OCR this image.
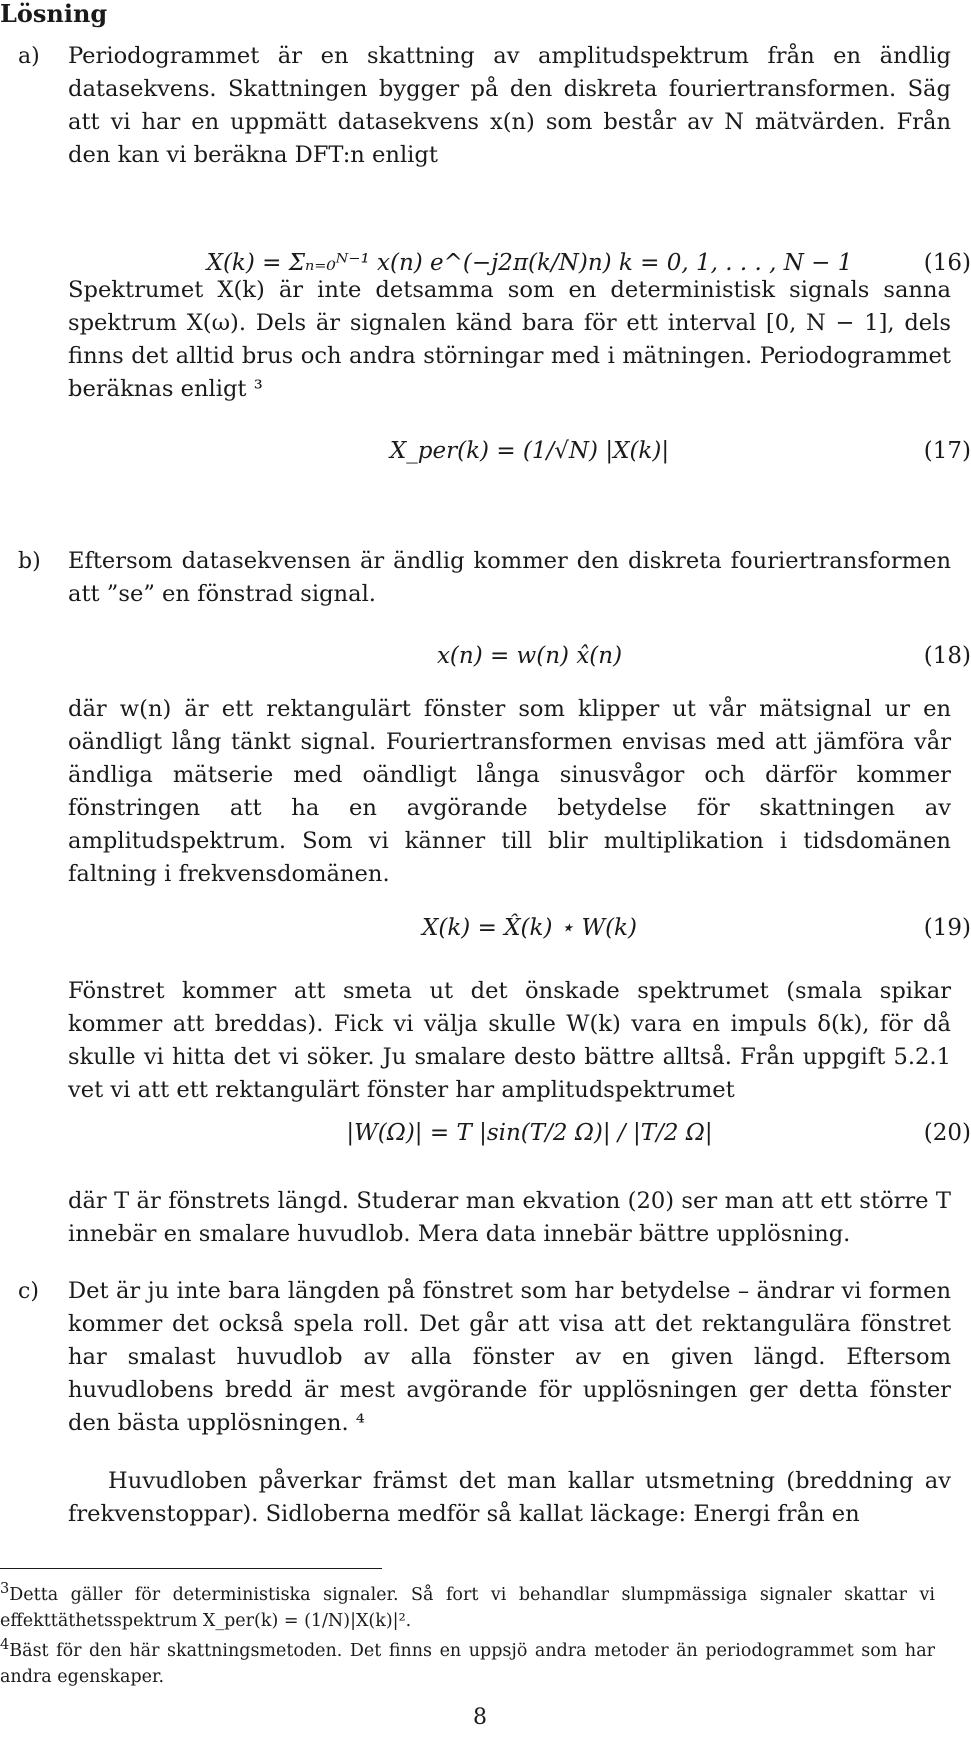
Lösning
a) Periodogrammet är en skattning av amplitudspektrum från en ändlig datasekvens. Skattningen bygger på den diskreta fouriertransformen. Säg att vi har en uppmätt datasekvens x(n) som består av N mätvärden. Från den kan vi beräkna DFT:n enligt
X(k) = Σₙ₌₀ᴺ⁻¹ x(n) e^(−j2π(k/N)n) k = 0, 1, . . . , N − 1	(16)
Spektrumet X(k) är inte detsamma som en deterministisk signals sanna spektrum X(ω). Dels är signalen känd bara för ett interval [0, N − 1], dels finns det alltid brus och andra störningar med i mätningen. Periodogrammet beräknas enligt ³
X_per(k) = (1/√N) |X(k)|	(17)
b) Eftersom datasekvensen är ändlig kommer den diskreta fouriertransformen att ”se” en fönstrad signal.
x(n) = w(n) x̂(n)	(18)
där w(n) är ett rektangulärt fönster som klipper ut vår mätsignal ur en oändligt lång tänkt signal. Fouriertransformen envisas med att jämföra vår ändliga mätserie med oändligt långa sinusvågor och därför kommer fönstringen att ha en avgörande betydelse för skattningen av amplitudspektrum. Som vi känner till blir multiplikation i tidsdomänen faltning i frekvensdomänen.
X(k) = X̂(k) ⋆ W(k)	(19)
Fönstret kommer att smeta ut det önskade spektrumet (smala spikar kommer att breddas). Fick vi välja skulle W(k) vara en impuls δ(k), för då skulle vi hitta det vi söker. Ju smalare desto bättre alltså. Från uppgift 5.2.1 vet vi att ett rektangulärt fönster har amplitudspektrumet
|W(Ω)| = T |sin(T/2 Ω)| / |T/2 Ω|	(20)
där T är fönstrets längd. Studerar man ekvation (20) ser man att ett större T innebär en smalare huvudlob. Mera data innebär bättre upplösning.
c) Det är ju inte bara längden på fönstret som har betydelse – ändrar vi formen kommer det också spela roll. Det går att visa att det rektangulära fönstret har smalast huvudlob av alla fönster av en given längd. Eftersom huvudlobens bredd är mest avgörande för upplösningen ger detta fönster den bästa upplösningen. ⁴
Huvudloben påverkar främst det man kallar utsmetning (breddning av frekvenstoppar). Sidloberna medför så kallat läckage: Energi från en
$^3$Detta gäller för deterministiska signaler. Så fort vi behandlar slumpmässiga signaler skattar vi effekttäthetsspektrum X_per(k) = (1/N)|X(k)|².
$^4$Bäst för den här skattningsmetoden. Det finns en uppsjö andra metoder än periodogrammet som har andra egenskaper.
8
